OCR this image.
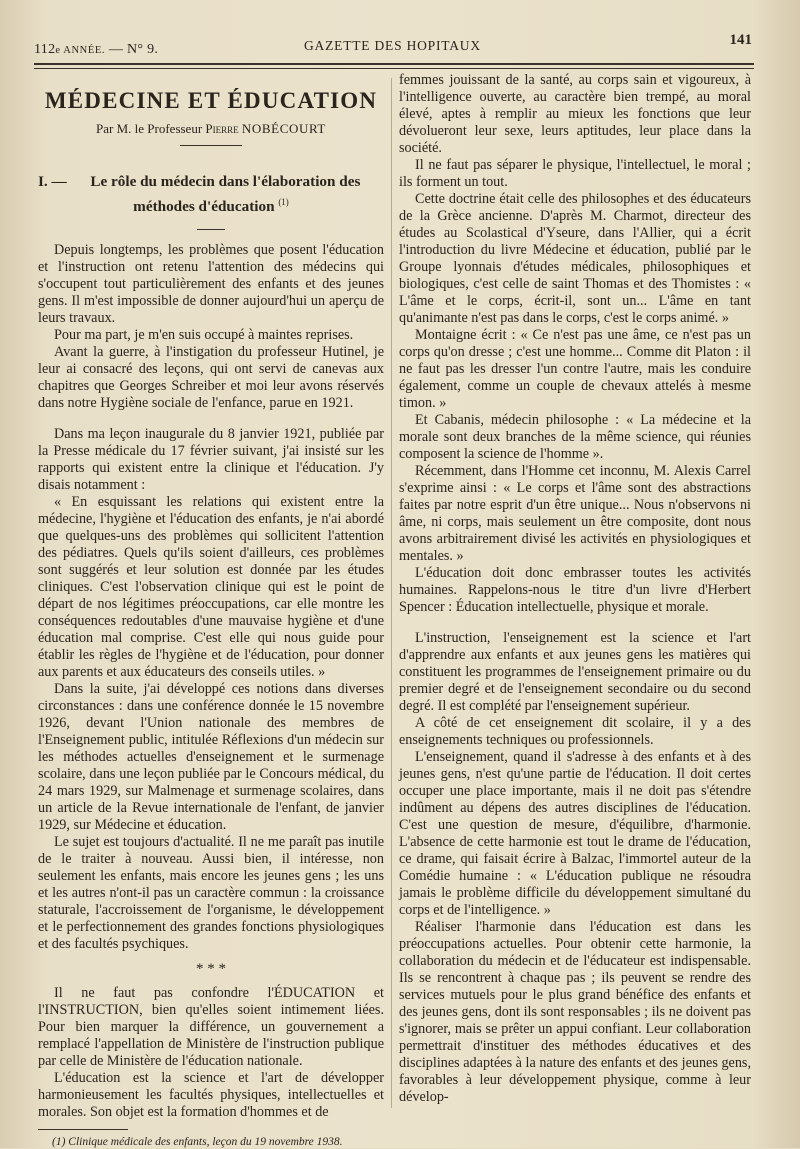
112e ANNÉE. — N° 9.	GAZETTE DES HOPITAUX	141
MÉDECINE ET ÉDUCATION
Par M. le Professeur Pierre NOBÉCOURT
I. — Le rôle du médecin dans l'élaboration des méthodes d'éducation $^{(1)}$

Depuis longtemps, les problèmes que posent l'éducation et l'instruction ont retenu l'attention des médecins qui s'occupent tout particulièrement des enfants et des jeunes gens. Il m'est impossible de donner aujourd'hui un aperçu de leurs travaux.

Pour ma part, je m'en suis occupé à maintes reprises.

Avant la guerre, à l'instigation du professeur Hutinel, je leur ai consacré des leçons, qui ont servi de canevas aux chapitres que Georges Schreiber et moi leur avons réservés dans notre Hygiène sociale de l'enfance, parue en 1921.

Dans ma leçon inaugurale du 8 janvier 1921, publiée par la Presse médicale du 17 février suivant, j'ai insisté sur les rapports qui existent entre la clinique et l'éducation. J'y disais notamment :

« En esquissant les relations qui existent entre la médecine, l'hygiène et l'éducation des enfants, je n'ai abordé que quelques-uns des problèmes qui sollicitent l'attention des pédiatres. Quels qu'ils soient d'ailleurs, ces problèmes sont suggérés et leur solution est donnée par les études cliniques. C'est l'observation clinique qui est le point de départ de nos légitimes préoccupations, car elle montre les conséquences redoutables d'une mauvaise hygiène et d'une éducation mal comprise. C'est elle qui nous guide pour établir les règles de l'hygiène et de l'éducation, pour donner aux parents et aux éducateurs des conseils utiles. »

Dans la suite, j'ai développé ces notions dans diverses circonstances : dans une conférence donnée le 15 novembre 1926, devant l'Union nationale des membres de l'Enseignement public, intitulée Réflexions d'un médecin sur les méthodes actuelles d'enseignement et le surmenage scolaire, dans une leçon publiée par le Concours médical, du 24 mars 1929, sur Malmenage et surmenage scolaires, dans un article de la Revue internationale de l'enfant, de janvier 1929, sur Médecine et éducation.

Le sujet est toujours d'actualité. Il ne me paraît pas inutile de le traiter à nouveau. Aussi bien, il intéresse, non seulement les enfants, mais encore les jeunes gens ; les uns et les autres n'ont-il pas un caractère commun : la croissance staturale, l'accroissement de l'organisme, le développement et le perfectionnement des grandes fonctions physiologiques et des facultés psychiques.

* * *

Il ne faut pas confondre l'ÉDUCATION et l'INSTRUCTION, bien qu'elles soient intimement liées. Pour bien marquer la différence, un gouvernement a remplacé l'appellation de Ministère de l'instruction publique par celle de Ministère de l'éducation nationale.

L'éducation est la science et l'art de développer harmonieusement les facultés physiques, intellectuelles et morales. Son objet est la formation d'hommes et de

(1) Clinique médicale des enfants, leçon du 19 novembre 1938.

femmes jouissant de la santé, au corps sain et vigoureux, à l'intelligence ouverte, au caractère bien trempé, au moral élevé, aptes à remplir au mieux les fonctions que leur dévolueront leur sexe, leurs aptitudes, leur place dans la société.

Il ne faut pas séparer le physique, l'intellectuel, le moral ; ils forment un tout.

Cette doctrine était celle des philosophes et des éducateurs de la Grèce ancienne. D'après M. Charmot, directeur des études au Scolastical d'Yseure, dans l'Allier, qui a écrit l'introduction du livre Médecine et éducation, publié par le Groupe lyonnais d'études médicales, philosophiques et biologiques, c'est celle de saint Thomas et des Thomistes : « L'âme et le corps, écrit-il, sont un... L'âme en tant qu'animante n'est pas dans le corps, c'est le corps animé. »

Montaigne écrit : « Ce n'est pas une âme, ce n'est pas un corps qu'on dresse ; c'est une homme... Comme dit Platon : il ne faut pas les dresser l'un contre l'autre, mais les conduire également, comme un couple de chevaux attelés à mesme timon. »

Et Cabanis, médecin philosophe : « La médecine et la morale sont deux branches de la même science, qui réunies composent la science de l'homme ».

Récemment, dans l'Homme cet inconnu, M. Alexis Carrel s'exprime ainsi : « Le corps et l'âme sont des abstractions faites par notre esprit d'un être unique... Nous n'observons ni âme, ni corps, mais seulement un être composite, dont nous avons arbitrairement divisé les activités en physiologiques et mentales. »

L'éducation doit donc embrasser toutes les activités humaines. Rappelons-nous le titre d'un livre d'Herbert Spencer : Éducation intellectuelle, physique et morale.

L'instruction, l'enseignement est la science et l'art d'apprendre aux enfants et aux jeunes gens les matières qui constituent les programmes de l'enseignement primaire ou du premier degré et de l'enseignement secondaire ou du second degré. Il est complété par l'enseignement supérieur.

A côté de cet enseignement dit scolaire, il y a des enseignements techniques ou professionnels.

L'enseignement, quand il s'adresse à des enfants et à des jeunes gens, n'est qu'une partie de l'éducation. Il doit certes occuper une place importante, mais il ne doit pas s'étendre indûment au dépens des autres disciplines de l'éducation. C'est une question de mesure, d'équilibre, d'harmonie. L'absence de cette harmonie est tout le drame de l'éducation, ce drame, qui faisait écrire à Balzac, l'immortel auteur de la Comédie humaine : « L'éducation publique ne résoudra jamais le problème difficile du développement simultané du corps et de l'intelligence. »

Réaliser l'harmonie dans l'éducation est dans les préoccupations actuelles. Pour obtenir cette harmonie, la collaboration du médecin et de l'éducateur est indispensable. Ils se rencontrent à chaque pas ; ils peuvent se rendre des services mutuels pour le plus grand bénéfice des enfants et des jeunes gens, dont ils sont responsables ; ils ne doivent pas s'ignorer, mais se prêter un appui confiant. Leur collaboration permettrait d'instituer des méthodes éducatives et des disciplines adaptées à la nature des enfants et des jeunes gens, favorables à leur développement physique, comme à leur dévelop-
